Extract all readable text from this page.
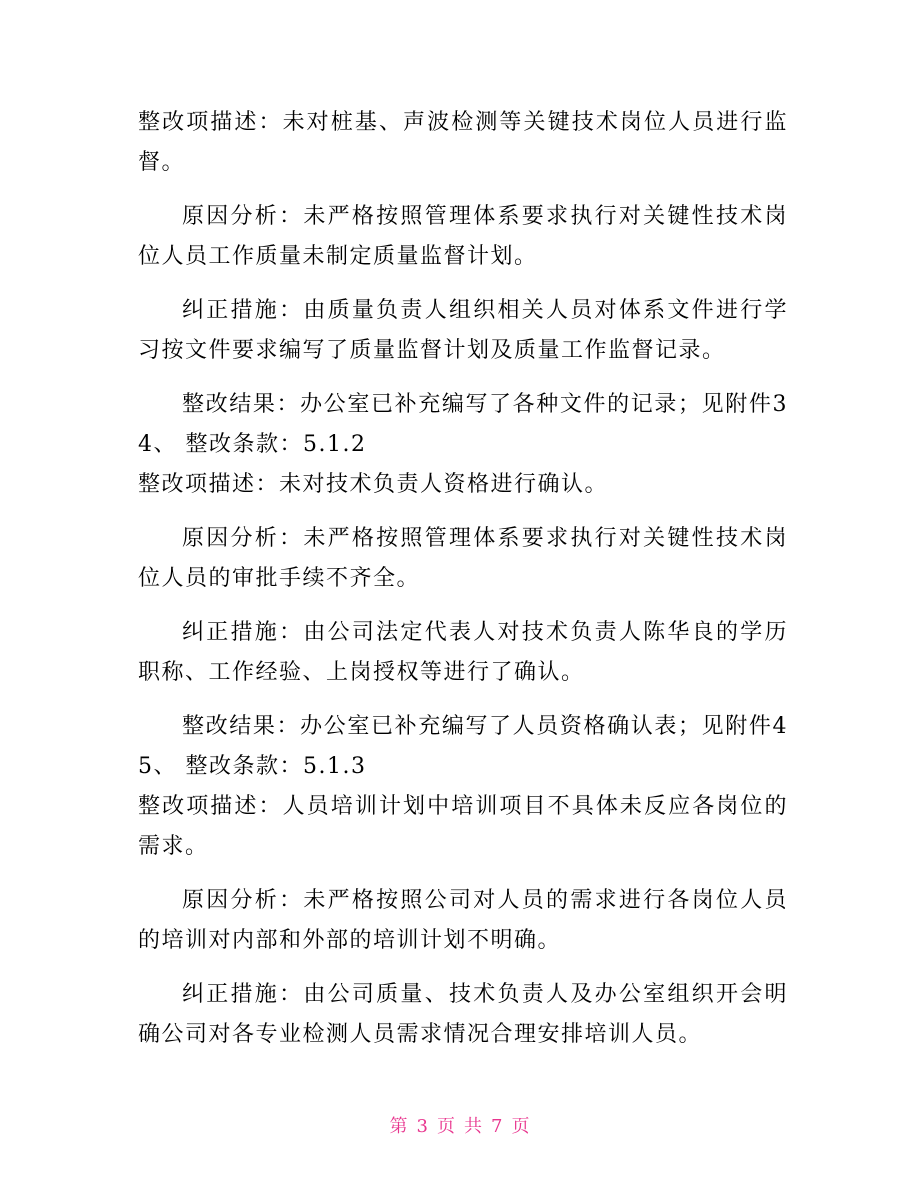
整改项描述：未对桩基、声波检测等关键技术岗位人员进行监督。

原因分析：未严格按照管理体系要求执行对关键性技术岗位人员工作质量未制定质量监督计划。

纠正措施：由质量负责人组织相关人员对体系文件进行学习按文件要求编写了质量监督计划及质量工作监督记录。

整改结果：办公室已补充编写了各种文件的记录；见附件3 4、 整改条款：5.1.2

整改项描述：未对技术负责人资格进行确认。

原因分析：未严格按照管理体系要求执行对关键性技术岗位人员的审批手续不齐全。

纠正措施：由公司法定代表人对技术负责人陈华良的学历职称、工作经验、上岗授权等进行了确认。

整改结果：办公室已补充编写了人员资格确认表；见附件4 5、 整改条款：5.1.3

整改项描述：人员培训计划中培训项目不具体未反应各岗位的需求。

原因分析：未严格按照公司对人员的需求进行各岗位人员的培训对内部和外部的培训计划不明确。

纠正措施：由公司质量、技术负责人及办公室组织开会明确公司对各专业检测人员需求情况合理安排培训人员。

第 3 页 共 7 页
